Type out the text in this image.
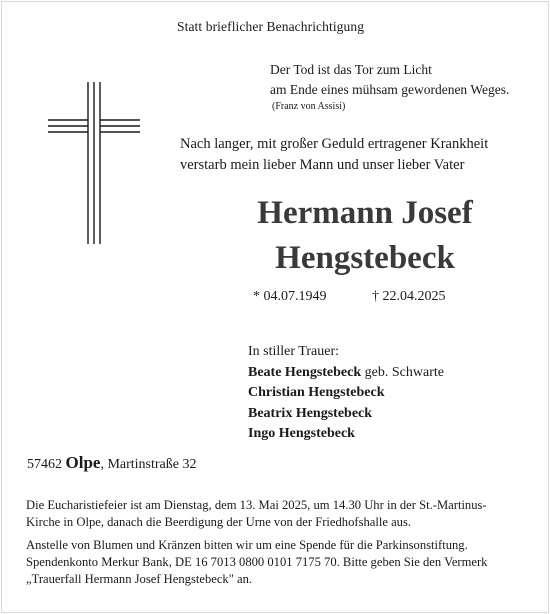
Statt brieflicher Benachrichtigung

Der Tod ist das Tor zum Licht
am Ende eines mühsam gewordenen Weges.
(Franz von Assisi)
Nach langer, mit großer Geduld ertragener Krankheit
verstarb mein lieber Mann und unser lieber Vater
Hermann Josef
Hengstebeck
* 04.07.1949	† 22.04.2025
In stiller Trauer:
Beate Hengstebeck geb. Schwarte
Christian Hengstebeck
Beatrix Hengstebeck
Ingo Hengstebeck
57462 Olpe, Martinstraße 32
Die Eucharistiefeier ist am Dienstag, dem 13. Mai 2025, um 14.30 Uhr in der St.-Martinus-
Kirche in Olpe, danach die Beerdigung der Urne von der Friedhofshalle aus.
Anstelle von Blumen und Kränzen bitten wir um eine Spende für die Parkinsonstiftung.
Spendenkonto Merkur Bank, DE 16 7013 0800 0101 7175 70. Bitte geben Sie den Vermerk
„Trauerfall Hermann Josef Hengstebeck" an.
